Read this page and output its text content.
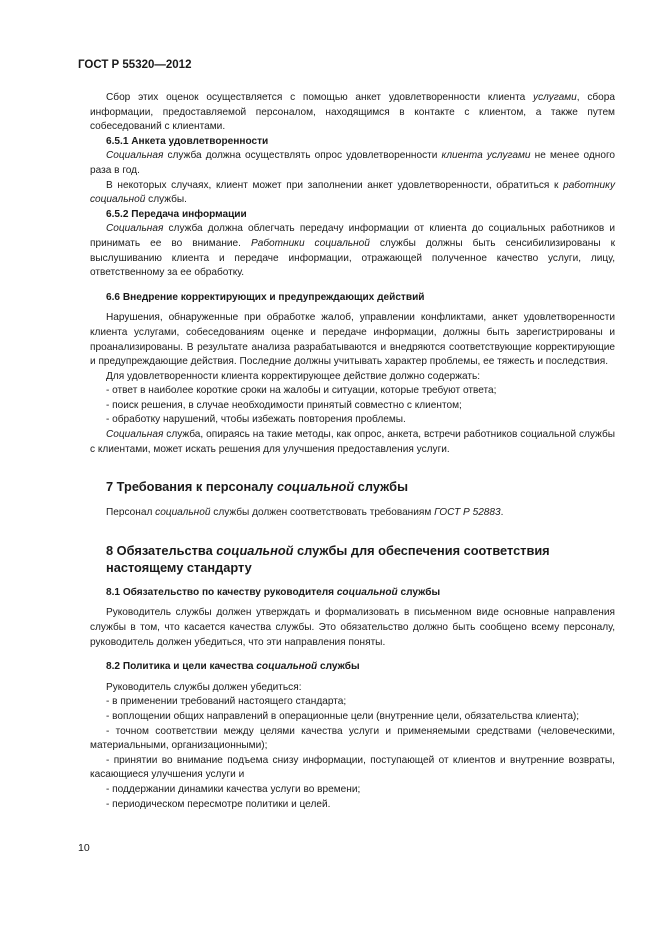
ГОСТ Р 55320—2012

Сбор этих оценок осуществляется с помощью анкет удовлетворенности клиента услугами, сбора информации, предоставляемой персоналом, находящимся в контакте с клиентом, а также путем собеседований с клиентами.

6.5.1 Анкета удовлетворенности

Социальная служба должна осуществлять опрос удовлетворенности клиента услугами не менее одного раза в год.

В некоторых случаях, клиент может при заполнении анкет удовлетворенности, обратиться к работнику социальной службы.

6.5.2 Передача информации

Социальная служба должна облегчать передачу информации от клиента до социальных работников и принимать ее во внимание. Работники социальной службы должны быть сенсибилизированы к выслушиванию клиента и передаче информации, отражающей полученное качество услуги, лицу, ответственному за ее обработку.

6.6 Внедрение корректирующих и предупреждающих действий

Нарушения, обнаруженные при обработке жалоб, управлении конфликтами, анкет удовлетворенности клиента услугами, собеседованиям оценке и передаче информации, должны быть зарегистрированы и проанализированы. В результате анализа разрабатываются и внедряются соответствующие корректирующие и предупреждающие действия. Последние должны учитывать характер проблемы, ее тяжесть и последствия.

Для удовлетворенности клиента корректирующее действие должно содержать:

- ответ в наиболее короткие сроки на жалобы и ситуации, которые требуют ответа;

- поиск решения, в случае необходимости принятый совместно с клиентом;

- обработку нарушений, чтобы избежать повторения проблемы.

Социальная служба, опираясь на такие методы, как опрос, анкета, встречи работников социальной службы с клиентами, может искать решения для улучшения предоставления услуги.

7 Требования к персоналу социальной службы

Персонал социальной службы должен соответствовать требованиям ГОСТ Р 52883.

8 Обязательства социальной службы для обеспечения соответствия настоящему стандарту

8.1 Обязательство по качеству руководителя социальной службы

Руководитель службы должен утверждать и формализовать в письменном виде основные направления службы в том, что касается качества службы. Это обязательство должно быть сообщено всему персоналу, руководитель должен убедиться, что эти направления поняты.

8.2 Политика и цели качества социальной службы

Руководитель службы должен убедиться:

- в применении требований настоящего стандарта;

- воплощении общих направлений в операционные цели (внутренние цели, обязательства клиента);

- точном соответствии между целями качества услуги и применяемыми средствами (человеческими, материальными, организационными);

- принятии во внимание подъема снизу информации, поступающей от клиентов и внутренние возвраты, касающиеся улучшения услуги и

- поддержании динамики качества услуги во времени;

- периодическом пересмотре политики и целей.

10
